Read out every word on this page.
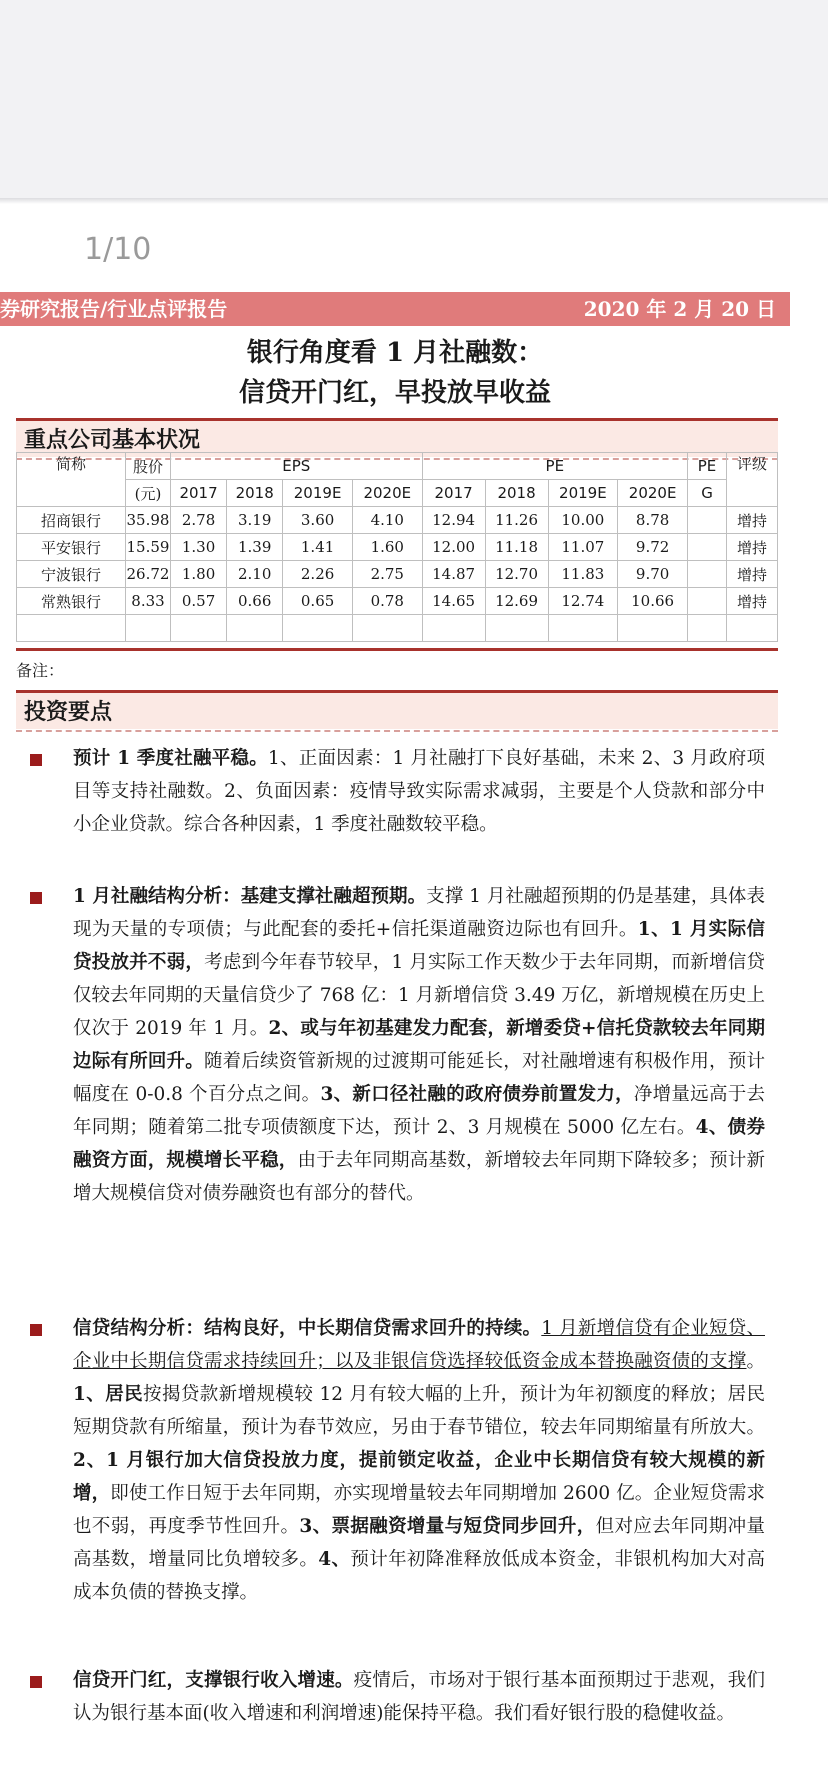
1/10
券研究报告/行业点评报告	2020 年 2 月 20 日
银行角度看 1 月社融数：
信贷开门红，早投放早收益
重点公司基本状况
简称	股价	EPS				PE				PE	评级
	(元)	2017	2018	2019E	2020E	2017	2018	2019E	2020E	G	
招商银行	35.98	2.78	3.19	3.60	4.10	12.94	11.26	10.00	8.78		增持
平安银行	15.59	1.30	1.39	1.41	1.60	12.00	11.18	11.07	9.72		增持
宁波银行	26.72	1.80	2.10	2.26	2.75	14.87	12.70	11.83	9.70		增持
常熟银行	8.33	0.57	0.66	0.65	0.78	14.65	12.69	12.74	10.66		增持

备注：
投资要点
预计 1 季度社融平稳。1、正面因素：1 月社融打下良好基础，未来 2、3 月政府项目等支持社融数。2、负面因素：疫情导致实际需求减弱，主要是个人贷款和部分中小企业贷款。综合各种因素，1 季度社融数较平稳。
1 月社融结构分析：基建支撑社融超预期。支撑 1 月社融超预期的仍是基建，具体表现为天量的专项债；与此配套的委托+信托渠道融资边际也有回升。1、1 月实际信贷投放并不弱，考虑到今年春节较早，1 月实际工作天数少于去年同期，而新增信贷仅较去年同期的天量信贷少了 768 亿：1 月新增信贷 3.49 万亿，新增规模在历史上仅次于 2019 年 1 月。2、或与年初基建发力配套，新增委贷+信托贷款较去年同期边际有所回升。随着后续资管新规的过渡期可能延长，对社融增速有积极作用，预计幅度在 0-0.8 个百分点之间。3、新口径社融的政府债券前置发力，净增量远高于去年同期；随着第二批专项债额度下达，预计 2、3 月规模在 5000 亿左右。4、债券融资方面，规模增长平稳，由于去年同期高基数，新增较去年同期下降较多；预计新增大规模信贷对债券融资也有部分的替代。
信贷结构分析：结构良好，中长期信贷需求回升的持续。1 月新增信贷有企业短贷、企业中长期信贷需求持续回升；以及非银信贷选择较低资金成本替换融资债的支撑。1、居民按揭贷款新增规模较 12 月有较大幅的上升，预计为年初额度的释放；居民短期贷款有所缩量，预计为春节效应，另由于春节错位，较去年同期缩量有所放大。2、1 月银行加大信贷投放力度，提前锁定收益，企业中长期信贷有较大规模的新增，即使工作日短于去年同期，亦实现增量较去年同期增加 2600 亿。企业短贷需求也不弱，再度季节性回升。3、票据融资增量与短贷同步回升，但对应去年同期冲量高基数，增量同比负增较多。4、预计年初降准释放低成本资金，非银机构加大对高成本负债的替换支撑。
信贷开门红，支撑银行收入增速。疫情后，市场对于银行基本面预期过于悲观，我们认为银行基本面(收入增速和利润增速)能保持平稳。我们看好银行股的稳健收益。
